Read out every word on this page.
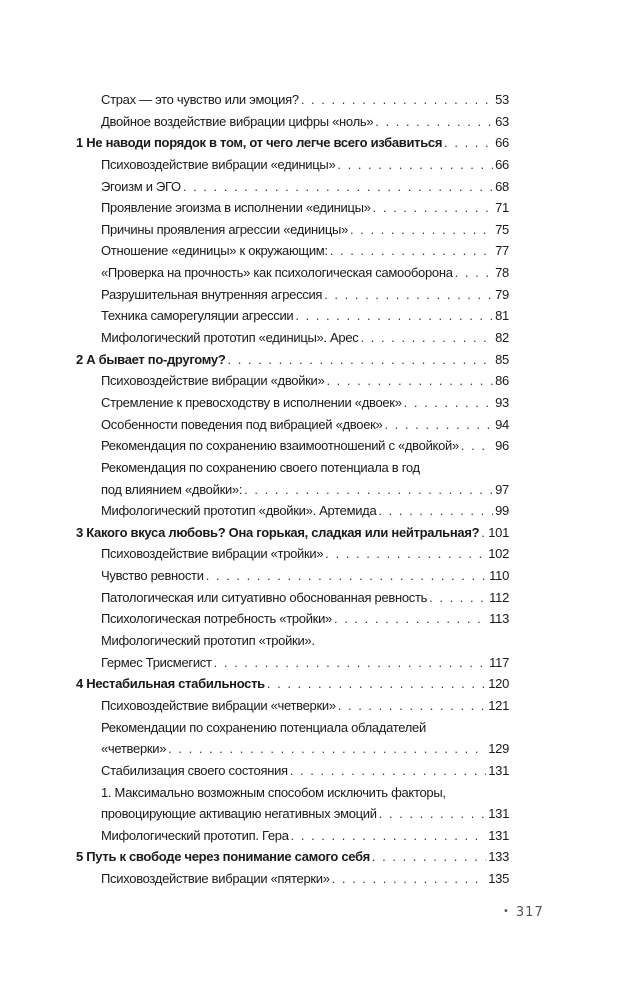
Страх — это чувство или эмоция? . . .	53
Двойное воздействие вибрации цифры «ноль» . . .	63
1 Не наводи порядок в том, от чего легче всего избавиться . . .	66
Психовоздействие вибрации «единицы» . . .	66
Эгоизм и ЭГО . . .	68
Проявление эгоизма в исполнении «единицы» . . .	71
Причины проявления агрессии «единицы» . . .	75
Отношение «единицы» к окружающим: . . .	77
«Проверка на прочность» как психологическая самооборона . . .	78
Разрушительная внутренняя агрессия . . .	79
Техника саморегуляции агрессии . . .	81
Мифологический прототип «единицы». Арес . . .	82
2 А бывает по-другому? . . .	85
Психовоздействие вибрации «двойки» . . .	86
Стремление к превосходству в исполнении «двоек» . . .	93
Особенности поведения под вибрацией «двоек» . . .	94
Рекомендация по сохранению взаимоотношений с «двойкой» . . .	96
Рекомендация по сохранению своего потенциала в год
под влиянием «двойки»: . . .	97
Мифологический прототип «двойки». Артемида . . .	99
3 Какого вкуса любовь? Она горькая, сладкая или нейтральная? . . . 101
Психовоздействие вибрации «тройки» . . .	102
Чувство ревности . . .	110
Патологическая или ситуативно обоснованная ревность . . .	112
Психологическая потребность «тройки» . . .	113
Мифологический прототип «тройки».
Гермес Трисмегист . . .	117
4 Нестабильная стабильность . . .	120
Психовоздействие вибрации «четверки» . . .	121
Рекомендации по сохранению потенциала обладателей
«четверки» . . .	129
Стабилизация своего состояния . . .	131
1. Максимально возможным способом исключить факторы,
провоцирующие активацию негативных эмоций . . .	131
Мифологический прототип. Гера . . .	131
5 Путь к свободе через понимание самого себя . . .	133
Психовоздействие вибрации «пятерки» . . .	135
• 317
